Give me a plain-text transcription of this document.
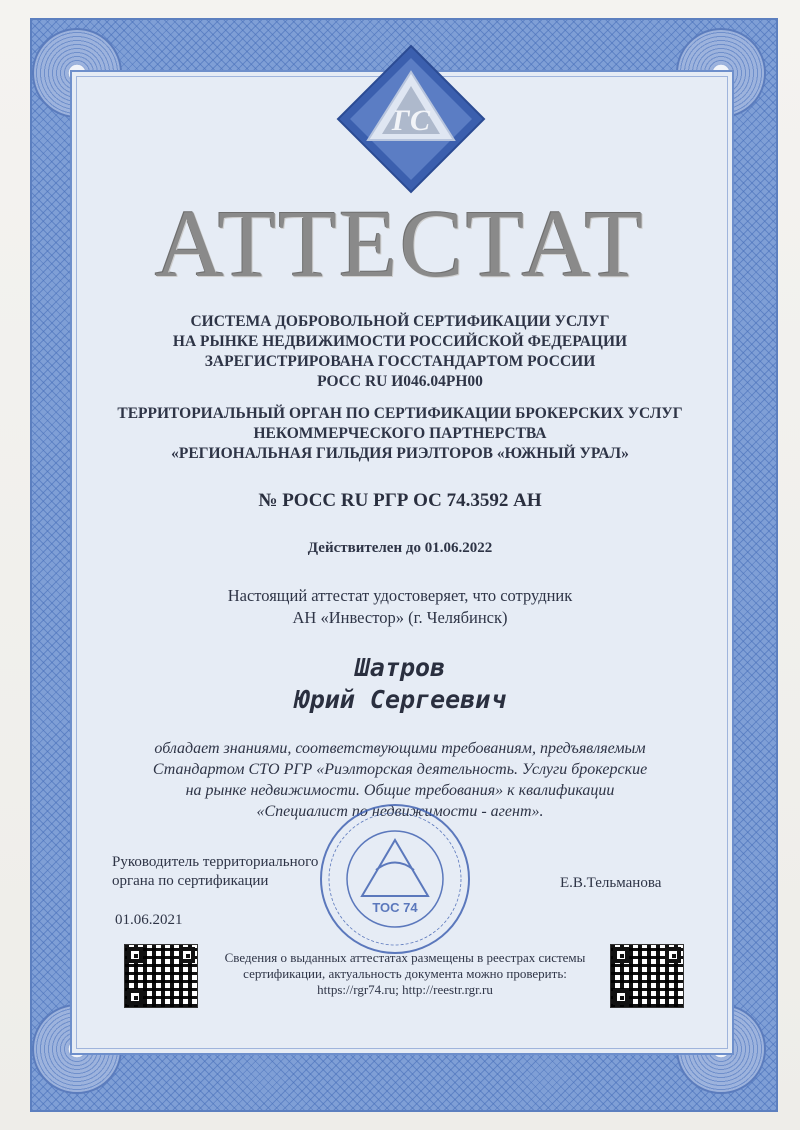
ГС
АТТЕСТАТ
СИСТЕМА ДОБРОВОЛЬНОЙ СЕРТИФИКАЦИИ УСЛУГ
НА РЫНКЕ НЕДВИЖИМОСТИ РОССИЙСКОЙ ФЕДЕРАЦИИ
ЗАРЕГИСТРИРОВАНА ГОССТАНДАРТОМ РОССИИ
РОСС RU И046.04РН00
ТЕРРИТОРИАЛЬНЫЙ ОРГАН ПО СЕРТИФИКАЦИИ БРОКЕРСКИХ УСЛУГ
НЕКОММЕРЧЕСКОГО ПАРТНЕРСТВА
«РЕГИОНАЛЬНАЯ ГИЛЬДИЯ РИЭЛТОРОВ «ЮЖНЫЙ УРАЛ»
№ РОСС RU РГР ОС 74.3592 АН
Действителен до 01.06.2022
Настоящий аттестат удостоверяет, что сотрудник
АН «Инвестор» (г. Челябинск)
Шатров
Юрий Сергеевич
обладает знаниями, соответствующими требованиям, предъявляемым
Стандартом СТО РГР «Риэлторская деятельность. Услуги брокерские
на рынке недвижимости. Общие требования» к квалификации
«Специалист по недвижимости - агент».
Руководитель территориального
органа по сертификации	Е.В.Тельманова
01.06.2021
ТОС 74
Сведения о выданных аттестатах размещены в реестрах системы
сертификации, актуальность документа можно проверить:
https://rgr74.ru; http://reestr.rgr.ru
